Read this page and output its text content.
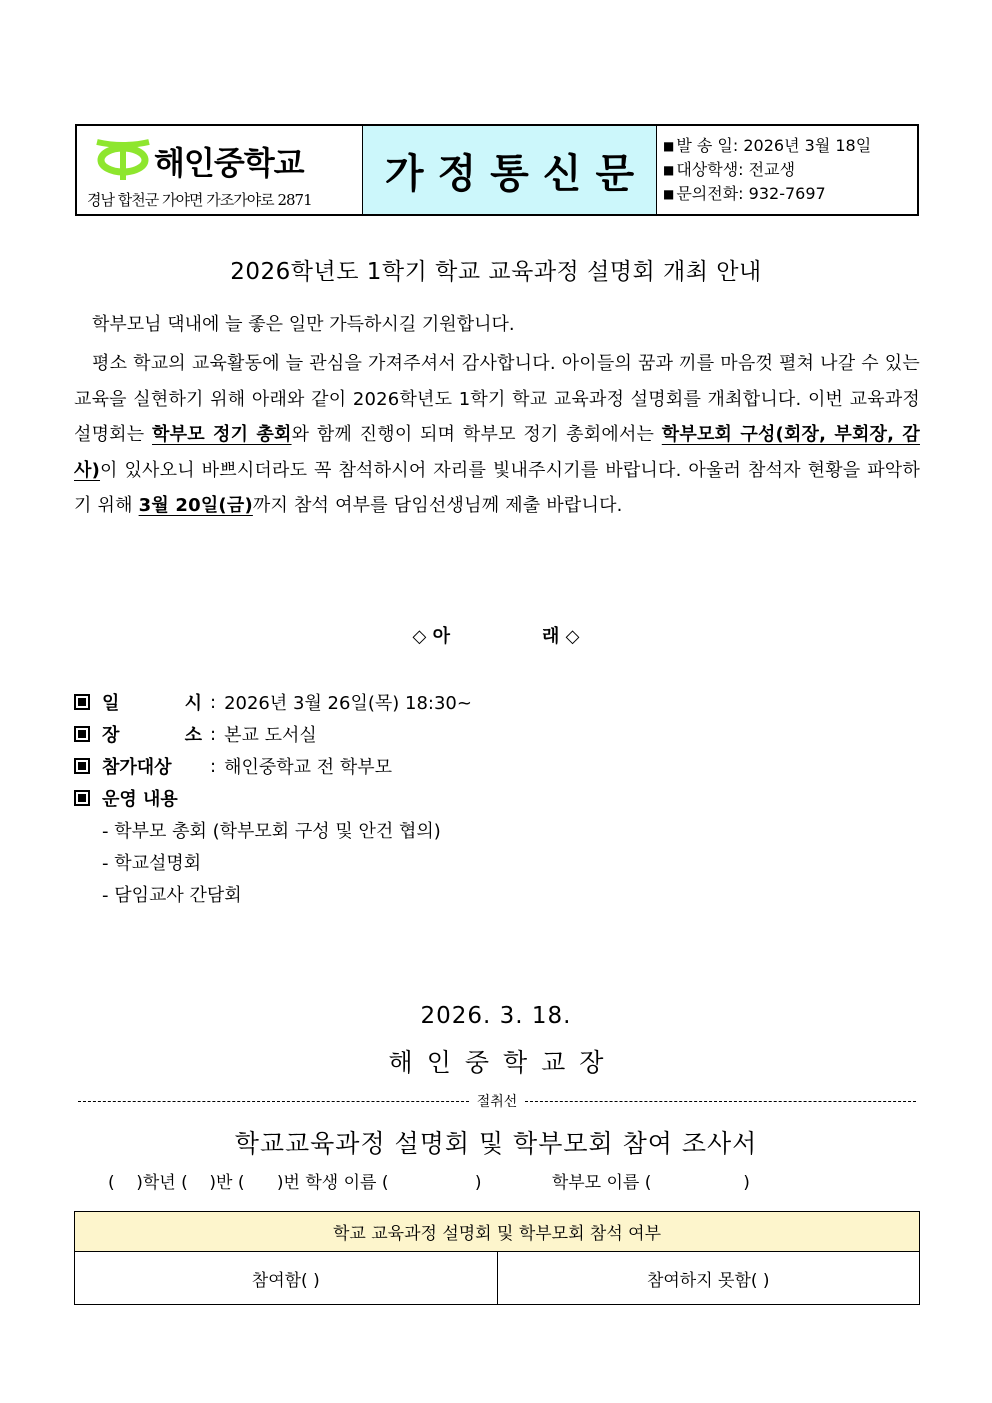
해인중학교
경남 합천군 가야면 가조가야로 2871
가정통신문
■ 발 송 일:
2026년 3월 18일
■ 대상학생:
전교생
■ 문의전화:
932-7697
2026학년도 1학기 학교 교육과정 설명회 개최 안내
학부모님 댁내에 늘 좋은 일만 가득하시길 기원합니다.
평소 학교의 교육활동에 늘 관심을 가져주셔서 감사합니다. 아이들의 꿈과 끼를 마음껏 펼쳐 나갈 수 있는 교육을 실현하기 위해 아래와 같이 2026학년도 1학기 학교 교육과정 설명회를 개최합니다. 이번 교육과정 설명회는 학부모 정기 총회와 함께 진행이 되며 학부모 정기 총회에서는 학부모회 구성(회장, 부회장, 감사)이 있사오니 바쁘시더라도 꼭 참석하시어 자리를 빛내주시기를 바랍니다. 아울러 참석자 현황을 파악하기 위해 3월 20일(금)까지 참석 여부를 담임선생님께 제출 바랍니다.
◇ 아	래 ◇
일	시 : 2026년 3월 26일(목) 18:30~
장	소 : 본교 도서실
참가대상	: 해인중학교 전 학부모
운영 내용
- 학부모 총회 (학부모회 구성 및 안건 협의)
- 학교설명회
- 담임교사 간담회
2026. 3. 18.
해인중학교장
절취선
학교교육과정 설명회 및 학부모회 참여 조사서
(    )학년 (    )반 (      )번 학생 이름 (                )             학부모 이름 (                 )
학교 교육과정 설명회 및 학부모회 참석 여부
참여함( )	참여하지 못함( )
